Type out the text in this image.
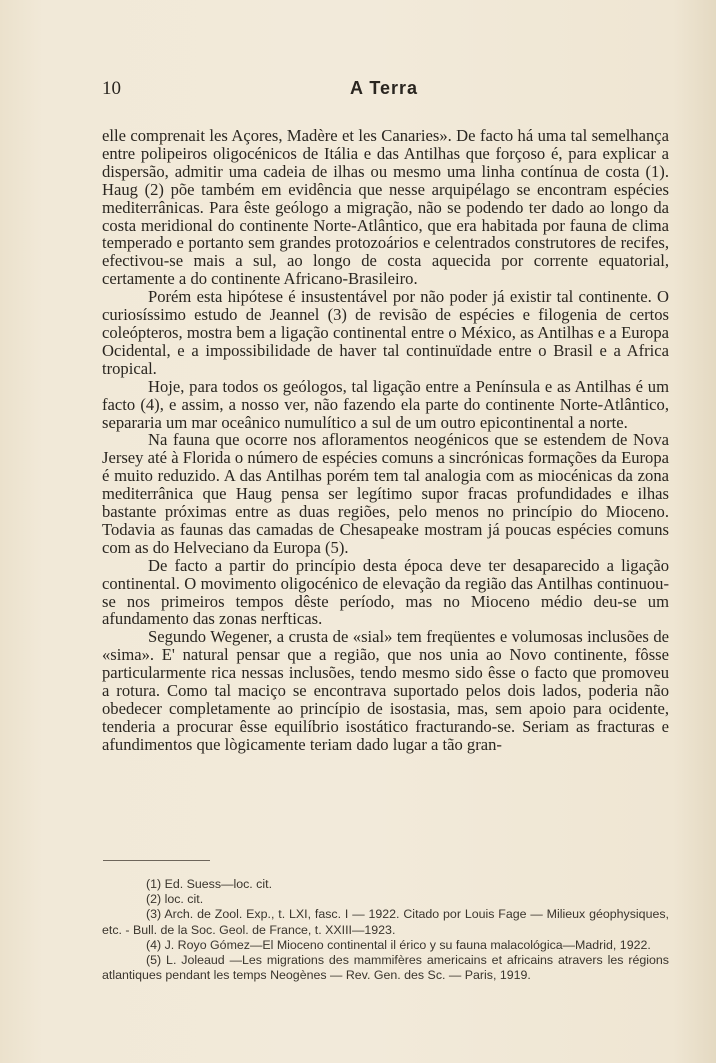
10	A Terra

elle comprenait les Açores, Madère et les Canaries». De facto há uma tal semelhança entre polipeiros oligocénicos de Itália e das Antilhas que forçoso é, para explicar a dispersão, admitir uma cadeia de ilhas ou mesmo uma linha contínua de costa (1). Haug (2) põe também em evidência que nesse arquipélago se encontram espécies mediterrânicas. Para êste geólogo a migração, não se podendo ter dado ao longo da costa meridional do continente Norte-Atlântico, que era habitada por fauna de clima temperado e portanto sem grandes protozoários e celentrados construtores de recifes, efectivou-se mais a sul, ao longo de costa aquecida por corrente equatorial, certamente a do continente Africano-Brasileiro.

Porém esta hipótese é insustentável por não poder já existir tal continente. O curiosíssimo estudo de Jeannel (3) de revisão de espécies e filogenia de certos coleópteros, mostra bem a ligação continental entre o México, as Antilhas e a Europa Ocidental, e a impossibilidade de haver tal continuïdade entre o Brasil e a Africa tropical.

Hoje, para todos os geólogos, tal ligação entre a Península e as Antilhas é um facto (4), e assim, a nosso ver, não fazendo ela parte do continente Norte-Atlântico, separaria um mar oceânico numulítico a sul de um outro epicontinental a norte.

Na fauna que ocorre nos afloramentos neogénicos que se estendem de Nova Jersey até à Florida o número de espécies comuns a sincrónicas formações da Europa é muito reduzido. A das Antilhas porém tem tal analogia com as miocénicas da zona mediterrânica que Haug pensa ser legítimo supor fracas profundidades e ilhas bastante próximas entre as duas regiões, pelo menos no princípio do Mioceno. Todavia as faunas das camadas de Chesapeake mostram já poucas espécies comuns com as do Helveciano da Europa (5).

De facto a partir do princípio desta época deve ter desaparecido a ligação continental. O movimento oligocénico de elevação da região das Antilhas continuou-se nos primeiros tempos dêste período, mas no Mioceno médio deu-se um afundamento das zonas nerfticas.

Segundo Wegener, a crusta de «sial» tem freqüentes e volumosas inclusões de «sima». E' natural pensar que a região, que nos unia ao Novo continente, fôsse particularmente rica nessas inclusões, tendo mesmo sido êsse o facto que promoveu a rotura. Como tal maciço se encontrava suportado pelos dois lados, poderia não obedecer completamente ao princípio de isostasia, mas, sem apoio para ocidente, tenderia a procurar êsse equilíbrio isostático fracturando-se. Seriam as fracturas e afundimentos que lògicamente teriam dado lugar a tão gran-

(1) Ed. Suess—loc. cit.

(2) loc. cit.

(3) Arch. de Zool. Exp., t. LXI, fasc. I — 1922. Citado por Louis Fage — Milieux géophysiques, etc. - Bull. de la Soc. Geol. de France, t. XXIII—1923.

(4) J. Royo Gómez—El Mioceno continental il érico y su fauna malacológica—Madrid, 1922.

(5) L. Joleaud —Les migrations des mammifères americains et africains atravers les régions atlantiques pendant les temps Neogènes — Rev. Gen. des Sc. — Paris, 1919.
